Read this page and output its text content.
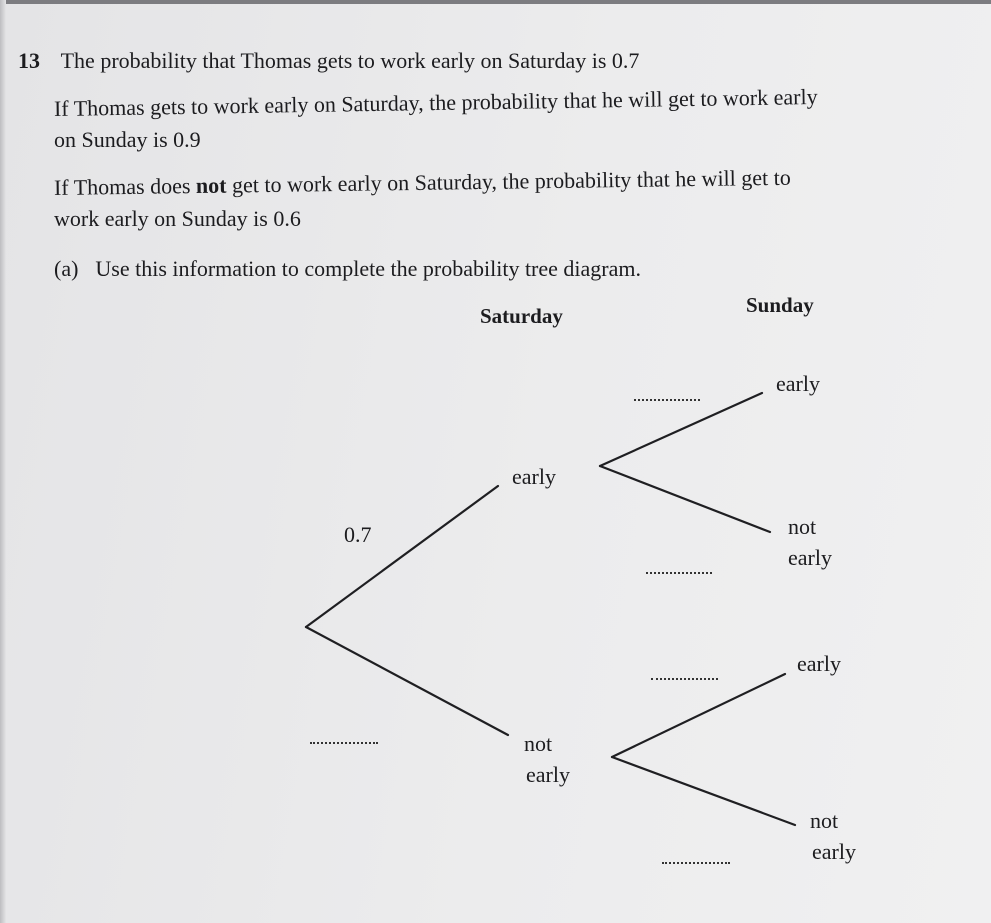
13 The probability that Thomas gets to work early on Saturday is 0.7
If Thomas gets to work early on Saturday, the probability that he will get to work early
on Sunday is 0.9
If Thomas does not get to work early on Saturday, the probability that he will get to
work early on Sunday is 0.6
(a) Use this information to complete the probability tree diagram.
Saturday	Sunday
early
not
early
early
not
early
early
not
early
0.7
